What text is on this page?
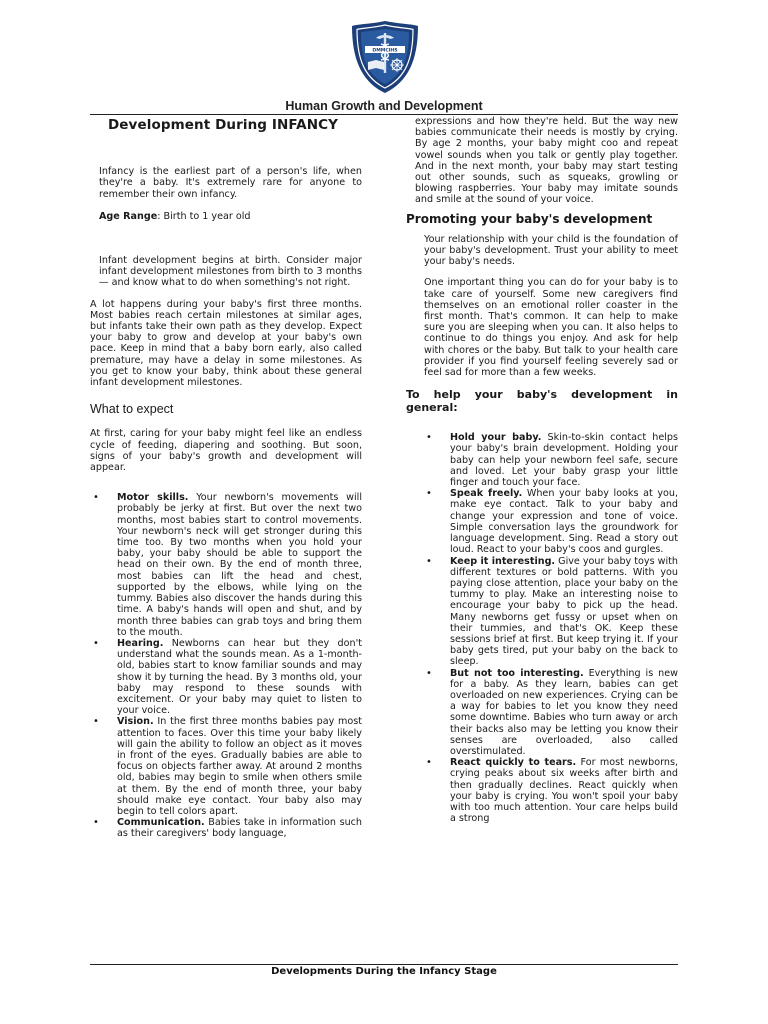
DMMCIHS
Human Growth and Development
Development During INFANCY

Infancy is the earliest part of a person's life, when they're a baby. It's extremely rare for anyone to remember their own infancy.

Age Range: Birth to 1 year old

Infant development begins at birth. Consider major infant development milestones from birth to 3 months — and know what to do when something's not right.

A lot happens during your baby's first three months. Most babies reach certain milestones at similar ages, but infants take their own path as they develop. Expect your baby to grow and develop at your baby's own pace. Keep in mind that a baby born early, also called premature, may have a delay in some milestones. As you get to know your baby, think about these general infant development milestones.

What to expect

At first, caring for your baby might feel like an endless cycle of feeding, diapering and soothing. But soon, signs of your baby's growth and development will appear.

• Motor skills. Your newborn's movements will probably be jerky at first. But over the next two months, most babies start to control movements. Your newborn's neck will get stronger during this time too. By two months when you hold your baby, your baby should be able to support the head on their own. By the end of month three, most babies can lift the head and chest, supported by the elbows, while lying on the tummy. Babies also discover the hands during this time. A baby's hands will open and shut, and by month three babies can grab toys and bring them to the mouth.
• Hearing. Newborns can hear but they don't understand what the sounds mean. As a 1-month-old, babies start to know familiar sounds and may show it by turning the head. By 3 months old, your baby may respond to these sounds with excitement. Or your baby may quiet to listen to your voice.
• Vision. In the first three months babies pay most attention to faces. Over this time your baby likely will gain the ability to follow an object as it moves in front of the eyes. Gradually babies are able to focus on objects farther away. At around 2 months old, babies may begin to smile when others smile at them. By the end of month three, your baby should make eye contact. Your baby also may begin to tell colors apart.
• Communication. Babies take in information such as their caregivers' body language,

expressions and how they're held. But the way new babies communicate their needs is mostly by crying. By age 2 months, your baby might coo and repeat vowel sounds when you talk or gently play together. And in the next month, your baby may start testing out other sounds, such as squeaks, growling or blowing raspberries. Your baby may imitate sounds and smile at the sound of your voice.

Promoting your baby's development

Your relationship with your child is the foundation of your baby's development. Trust your ability to meet your baby's needs.

One important thing you can do for your baby is to take care of yourself. Some new caregivers find themselves on an emotional roller coaster in the first month. That's common. It can help to make sure you are sleeping when you can. It also helps to continue to do things you enjoy. And ask for help with chores or the baby. But talk to your health care provider if you find yourself feeling severely sad or feel sad for more than a few weeks.

To help your baby's development in general:
• Hold your baby. Skin-to-skin contact helps your baby's brain development. Holding your baby can help your newborn feel safe, secure and loved. Let your baby grasp your little finger and touch your face.
• Speak freely. When your baby looks at you, make eye contact. Talk to your baby and change your expression and tone of voice. Simple conversation lays the groundwork for language development. Sing. Read a story out loud. React to your baby's coos and gurgles.
• Keep it interesting. Give your baby toys with different textures or bold patterns. With you paying close attention, place your baby on the tummy to play. Make an interesting noise to encourage your baby to pick up the head. Many newborns get fussy or upset when on their tummies, and that's OK. Keep these sessions brief at first. But keep trying it. If your baby gets tired, put your baby on the back to sleep.
• But not too interesting. Everything is new for a baby. As they learn, babies can get overloaded on new experiences. Crying can be a way for babies to let you know they need some downtime. Babies who turn away or arch their backs also may be letting you know their senses are overloaded, also called overstimulated.
• React quickly to tears. For most newborns, crying peaks about six weeks after birth and then gradually declines. React quickly when your baby is crying. You won't spoil your baby with too much attention. Your care helps build a strong
Developments During the Infancy Stage
